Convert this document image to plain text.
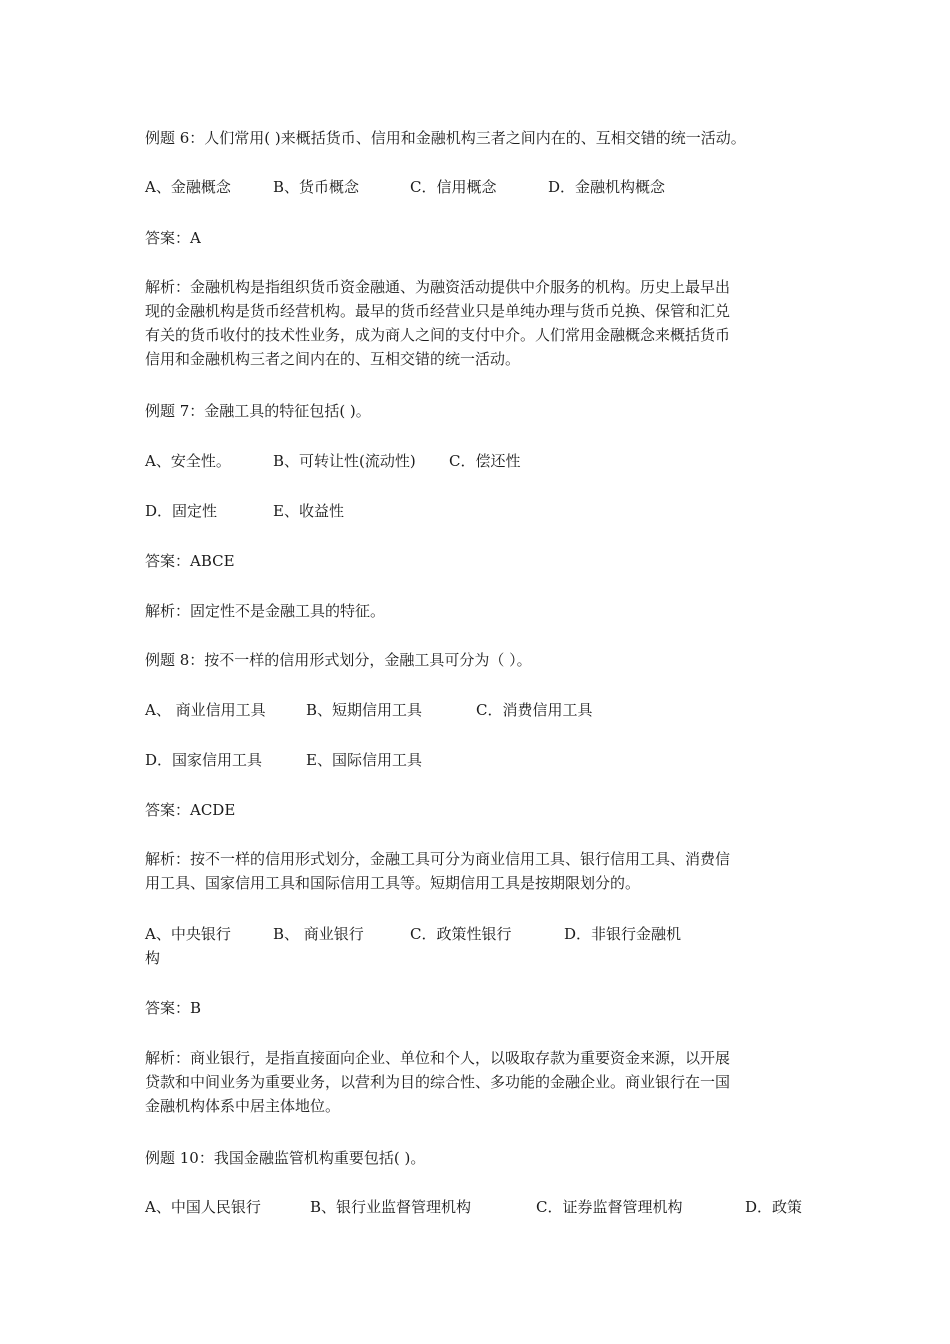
例题 6：人们常用( )来概括货币、信用和金融机构三者之间内在的、互相交错的统一活动。
A、金融概念	B、货币概念	C．信用概念	D．金融机构概念
答案：A
解析：金融机构是指组织货币资金融通、为融资活动提供中介服务的机构。历史上最早出
现的金融机构是货币经营机构。最早的货币经营业只是单纯办理与货币兑换、保管和汇兑
有关的货币收付的技术性业务，成为商人之间的支付中介。人们常用金融概念来概括货币
信用和金融机构三者之间内在的、互相交错的统一活动。
例题 7：金融工具的特征包括( )。
A、安全性。	B、可转让性(流动性) C．偿还性
D．固定性	E、收益性
答案：ABCE
解析：固定性不是金融工具的特征。
例题 8：按不一样的信用形式划分，金融工具可分为（ ）。
A、 商业信用工具	B、短期信用工具	C．消费信用工具
D．国家信用工具	E、国际信用工具
答案：ACDE
解析：按不一样的信用形式划分，金融工具可分为商业信用工具、银行信用工具、消费信
用工具、国家信用工具和国际信用工具等。短期信用工具是按期限划分的。
A、中央银行	B、 商业银行	C．政策性银行	D．非银行金融机
构
答案：B
解析：商业银行，是指直接面向企业、单位和个人，以吸取存款为重要资金来源，以开展
贷款和中间业务为重要业务，以营利为目的综合性、多功能的金融企业。商业银行在一国
金融机构体系中居主体地位。
例题 10：我国金融监管机构重要包括( )。
A、中国人民银行	B、银行业监督管理机构	C．证券监督管理机构	D．政策
